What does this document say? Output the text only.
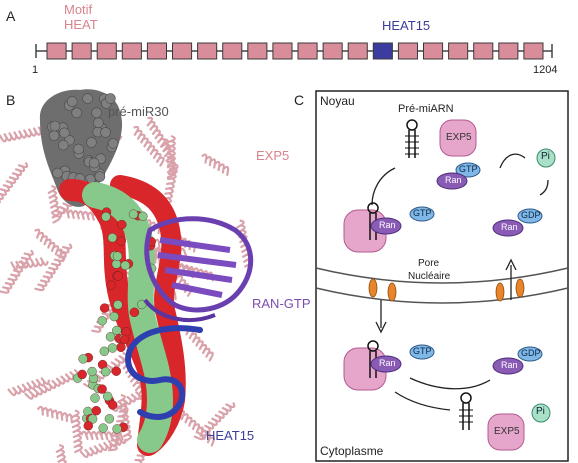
A	Motif
HEAT	HEAT15
1	1204
B
pré-miR30
EXP5
RAN-GTP
HEAT15
C Noyau
Cytoplasme
Pré-miARN
EXP5
GTP
Ran
Pi
GTP
Ran
GDP
Ran
Pore
Nucléaire
GTP
Ran
GDP
Ran
EXP5
Pi
